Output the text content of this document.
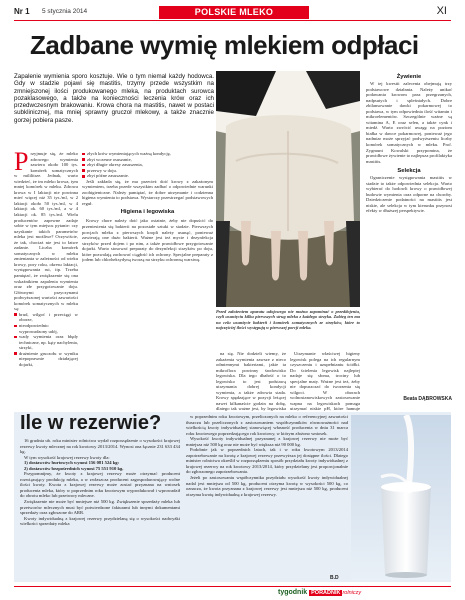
Nr 1 5 stycznia 2014	POLSKIE MLEKO	XI
Zadbane wymię mlekiem odpłaci
Zapalenie wymienia sporo kosztuje. Wie o tym niemal każdy hodowca. Gdy w stadzie pojawi się mastitis, trzymy przede wszystkim na zmniejszonej ilości produkowanego mleka, na produktach surowca pozaklasowego, a także na konieczności leczenia krów oraz ich przedwczesnym brakowaniu. Krowa chora na mastitis, nawet w postaci subklinicznej, ma mniej sprawny gruczoł mlekowy, a także znacznie gorzej pobiera pasze.
Przed założeniem aparatu udojowego nie można zapominać o przeddojeniu, czyli usunięciu kilku pierwszych strug mleka z każdego strzyka. Zabieg ten ma na celu usunięcie bakterii i komórek somatycznych ze strzyków, które to najczęściej ilości występują w pierwszej porcji mleka.
P rzyjmuje się, że mleko zdrowego wymienia zawiera około 100 tys. komórek somatycznych w mililitrze. Jednak, warto wiedzieć, że im mleko krowa, tym mniej komórek w mleku. Zdrowa krowa w I laktacji nie powinna mieć więcej niż 35 tys./ml, w 2 laktacji około 50 tys./ml, w 4 laktacji ok. 60 tys./ml, a w 4 laktacji ok. 85 tys./ml. Wielu producentów zapewne zadaje sobie w tym miejscu pytanie: czy uzyskanie takich parametrów mleka jest możliwe? Oczywiście, że tak, chociaż nie jest to łatwe zadanie. Liczba komórek somatycznych w mleku zmieniania w zależności od wieku krowy, pory roku, okresu laktacji, występowania rui, itp. Trzeba pamiętać, że zwiększenie się ona wskaźnikiem zapalenia wymienia oraz złe przygotowanie doju. Głównymi przyczynami podwyższonej wartości zawartości komórek somatycznych w mleku są:
brud, wilgoć i przeciągi w oborze,
nieodpowiednio wyprowadzony udój,
wady wymienia oraz błędy techniczne, np. kąty nachylenia, strzyki,
drażnienie gruczołu w wyniku niepoprawnie działającej dojarki,
złych krów wymieniających ważną kondycję,
zbyt wczesne osuszanie,
zbyt długie okresy zasuszenia,
przerwy w doju.
zbyt późne zasuszanie.

Jeśli zakłada się, że ma przecież doić krowy z zakażonym wymieniem, trzeba przede wszystkim zadbać o odpowiednie warunki zoohigieniczne. Należy pamiętać, że dobre utrzymanie i codzienna higiena wymienia to podstawa. Wystarczy przestrzegać podstawowych reguł.

Higiena i legowiska

Krowy chore należy doić jako ostatnie, żeby nie dopuścić do przeniesienia się bakterii na pozostałe sztuki w stadzie. Pierwszych porcjach mleka z pierwszych kropli należy usunąć, ponieważ zawierają one dużo bakterii. Ważne jest też mycie i dezynfekcja strzyków przed dojem i po nim, a także prawidłowe przygotowanie dojarki. Warto stosować preparaty do dezynfekcji strzyków po doju, które pozwalają zachować ciągłość ich ochrony. Specjalne preparaty z jodem lub chlorheksydyną tworzą na strzyku ochronną warstwę.

na się. Nie dodzieli wiemy, że zakażenia wymienia zawsze z nieco odmiennymi bakteriami, jakie ta mikroflora powinny środowisko legowiska. Dla tego dbałość o to legowisko to jest podstawą utrzymania dobrej kondycji wymienia, a także zdrowia stada. Krowy spędzające w pozycji leżącej nawet kilkanaście godzin na dobę, dlatego tak ważne jest, by legowiska

Utrzymanie właściwej higieny legowisk polega na ich regularnym czyszczeniu i uzupełnianiu ściółki. Do ścielenia legowisk najlepiej nadaje się słoma, trociny lub specjalne maty. Ważne jest też, żeby nie dopuszczać do tworzenia się wilgoci. W oborach wolnostanowiskowych zastosowanie wapna na legowiskach pomaga utrzymać niskie pH, które hamuje

Żywienie

W tej kwestii zalecenia obejmują trzy podstawowe działania. Należy unikać podawania krowom pasz przegrzanych, nadpsutych i spleśniałych. Dobre zbilansowanie dawki pokarmowej to podstawa, w tym odpowiednia ilość witamin i mikroelementów. Szczególnie ważne są witamina A, E oraz selen, a także cynk i miedź. Warto zwrócić uwagę na poziom białka w dawce pokarmowej, ponieważ jego nadmiar może sprzyjać podwyższeniu liczby komórek somatycznych w mleku. Prof. Zygmunt Kowalski przypomina, że prawidłowe żywienie to najlepsza profilaktyka mastitis.

Selekcja

Ograniczenie występowania mastitis w stadzie to także odpowiednia selekcja. Warto wybierać do hodowli krowy o prawidłowej budowie wymienia oraz odporne na choroby. Dziedziczenie podatności na mastitis jest niskie, ale selekcja w tym kierunku przynosi efekty w dłuższej perspektywie.

Beata DĄBROWSKA
Ile w rezerwie?

16 grudnia ub. roku minister rolnictwa wydał rozporządzenie o wysokości krajowej rezerwy kwoty mlecznej na rok kwotowy 2013/2014. Wynosi ona łącznie 231 633 434 kg.

W tym wysokość krajowej rezerwy kwoty dla:

1) dostawców hurtowych wynosi 156 081 524 kg:

2) dostawców bezpośrednich wynosi 75 551 910 kg.

Przypomnijmy, że kwoty z krajowej rezerwy może otrzymać producent rozwiązujący produkcję mleka, a w zwłaszcza producent zagospodarowujący wolne ilości kwoty. Kwota z krajowej rezerwy może zostać przyznana na wniosek producenta mleka, który w poprzednim roku kwotowym wyprodukował i wprowadził do obrotu mleko lub przetwory mleczne.

Zwiększenie nie może być mniejsze niż 500 kg. Zwiększenie sprzedaży mleka lub przetworów mlecznych musi być potwierdzone fakturami lub innymi dokumentami sprzedaży oraz zgłoszone do ARR.

Kwoty indywidualną z krajowej rezerwy przydzielaną się o wysokości nadwyżki wielkości sprzedaży mleka

w poprzednim roku kwotowym, przeliczonych na mleko o referencyjnej zawartości tłuszczu lub przeliczonych z zastosowaniem współczynników równoważności nad wielkością kwoty indywidualnej stanowiącej własność producenta w dniu 31 marca roku kwotowego poprzedzającego rok kwotowy, w którym złożono wniosek.

Wysokość kwoty indywidualnej przyznanej z krajowej rezerwy nie może być mniejsza niż 500 kg oraz nie może być większa niż 90 000 kg.

Podobnie jak w poprzednich latach, tak i w roku kwotowym 2013/2014 zapotrzebowanie na kwotę z krajowej rezerwy przewyższa jej dostępne ilości. Dlatego minister rolnictwa określił w rozporządzeniu sposób przydziału kwoty indywidualnej z krajowej rezerwy na rok kwotowy 2013/2014, który przydzielany jest proporcjonalnie do zgłoszonego zapotrzebowania.

Jeżeli po zastosowaniu współczynnika przydziału wysokość kwoty indywidualnej nadal jest mniejsza od 500 kg, producent otrzyma kwotę w wysokości 500 kg, co oznacza, że kwota przyznana z krajowej rezerwy jest mniejsza niż 500 kg, producent otrzyma kwotę indywidualną z krajowej rezerwy.

B.D
tygodnik PORADNIK rolniczy
